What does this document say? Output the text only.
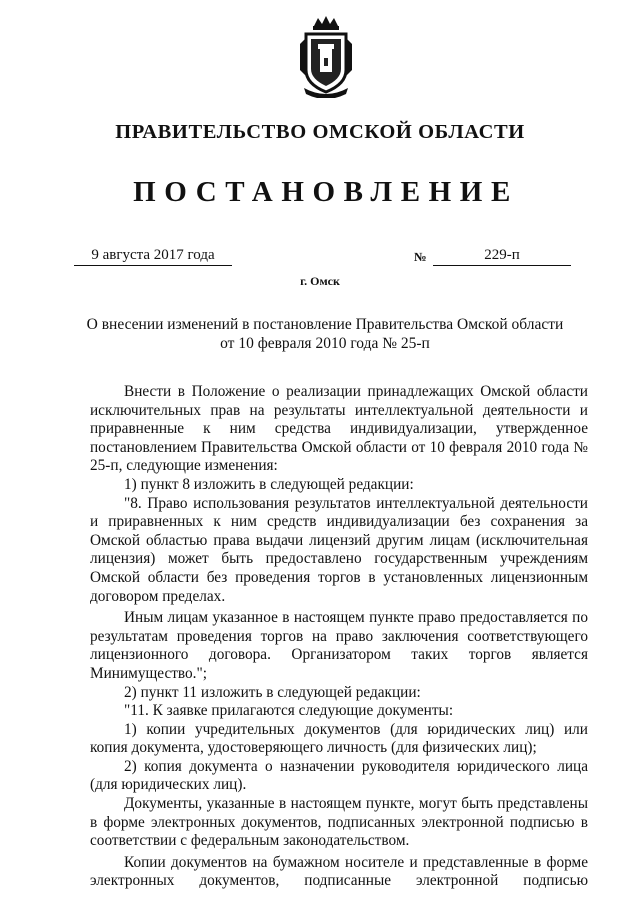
ПРАВИТЕЛЬСТВО ОМСКОЙ ОБЛАСТИ
ПОСТАНОВЛЕНИЕ
9 августа 2017 года	№	229-п
г. Омск
О внесении изменений в постановление Правительства Омской области
от 10 февраля 2010 года № 25-п

Внести в Положение о реализации принадлежащих Омской области исключительных прав на результаты интеллектуальной деятельности и приравненные к ним средства индивидуализации, утвержденное постановлением Правительства Омской области от 10 февраля 2010 года № 25-п, следующие изменения:

1) пункт 8 изложить в следующей редакции:

"8. Право использования результатов интеллектуальной деятельности и приравненных к ним средств индивидуализации без сохранения за Омской областью права выдачи лицензий другим лицам (исключительная лицензия) может быть предоставлено государственным учреждениям Омской области без проведения торгов в установленных лицензионным договором пределах.

Иным лицам указанное в настоящем пункте право предоставляется по результатам проведения торгов на право заключения соответствующего лицензионного договора. Организатором таких торгов является Минимущество.";

2) пункт 11 изложить в следующей редакции:

"11. К заявке прилагаются следующие документы:

1) копии учредительных документов (для юридических лиц) или копия документа, удостоверяющего личность (для физических лиц);

2) копия документа о назначении руководителя юридического лица (для юридических лиц).

Документы, указанные в настоящем пункте, могут быть представлены в форме электронных документов, подписанных электронной подписью в соответствии с федеральным законодательством.

Копии документов на бумажном носителе и представленные в форме электронных документов, подписанные электронной подписью
